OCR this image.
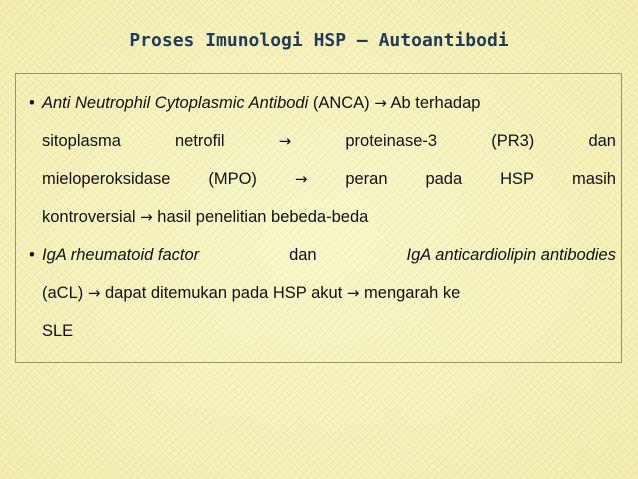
Proses Imunologi HSP – Autoantibodi
• Anti Neutrophil Cytoplasmic Antibodi (ANCA) → Ab terhadap
sitoplasma	netrofil	→	proteinase-3	(PR3)	dan
mieloperoksidase (MPO)	→ peran pada HSP masih
kontroversial → hasil penelitian bebeda-beda
• IgA rheumatoid factor	dan	IgA anticardiolipin antibodies
(aCL) → dapat ditemukan pada HSP akut → mengarah ke
SLE
